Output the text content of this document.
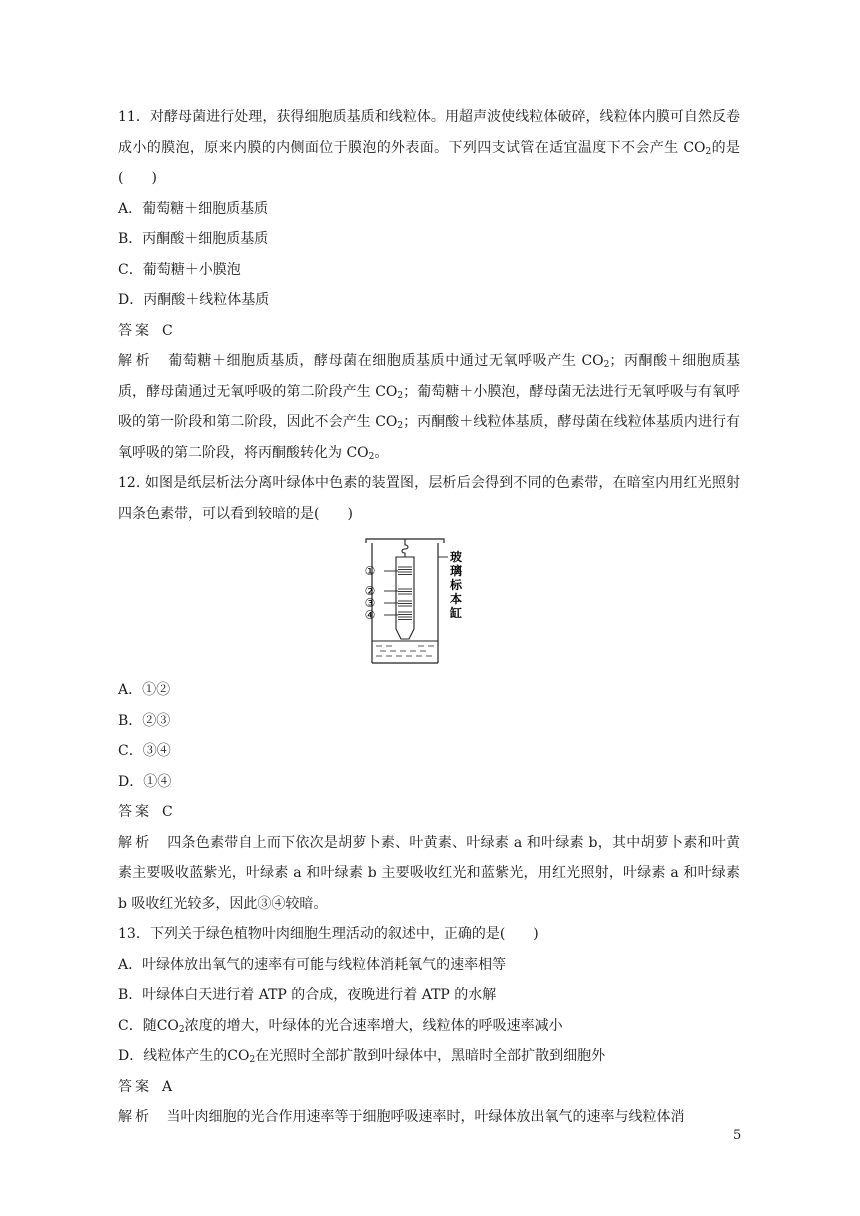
11．对酵母菌进行处理，获得细胞质基质和线粒体。用超声波使线粒体破碎，线粒体内膜可自然反卷成小的膜泡，原来内膜的内侧面位于膜泡的外表面。下列四支试管在适宜温度下不会产生 $CO_2$的是(　　)

A．葡萄糖＋细胞质基质

B．丙酮酸＋细胞质基质

C．葡萄糖＋小膜泡

D．丙酮酸＋线粒体基质

答案 C

解析 葡萄糖＋细胞质基质，酵母菌在细胞质基质中通过无氧呼吸产生 $CO_2$；丙酮酸＋细胞质基质，酵母菌通过无氧呼吸的第二阶段产生 $CO_2$；葡萄糖＋小膜泡，酵母菌无法进行无氧呼吸与有氧呼吸的第一阶段和第二阶段，因此不会产生 $CO_2$；丙酮酸＋线粒体基质，酵母菌在线粒体基质内进行有氧呼吸的第二阶段，将丙酮酸转化为 $CO_2$。

12. 如图是纸层析法分离叶绿体中色素的装置图，层析后会得到不同的色素带，在暗室内用红光照射四条色素带，可以看到较暗的是(　　)

①
②
③
④
玻
璃
标
本
缸

A．①②

B．②③

C．③④

D．①④

答案 C

解析 四条色素带自上而下依次是胡萝卜素、叶黄素、叶绿素 a 和叶绿素 b，其中胡萝卜素和叶黄素主要吸收蓝紫光，叶绿素 a 和叶绿素 b 主要吸收红光和蓝紫光，用红光照射，叶绿素 a 和叶绿素 b 吸收红光较多，因此③④较暗。

13．下列关于绿色植物叶肉细胞生理活动的叙述中，正确的是(　　)

A．叶绿体放出氧气的速率有可能与线粒体消耗氧气的速率相等

B．叶绿体白天进行着 ATP 的合成，夜晚进行着 ATP 的水解

C．随$CO_2$浓度的增大，叶绿体的光合速率增大，线粒体的呼吸速率减小

D．线粒体产生的$CO_2$在光照时全部扩散到叶绿体中，黑暗时全部扩散到细胞外

答案 A

解析 当叶肉细胞的光合作用速率等于细胞呼吸速率时，叶绿体放出氧气的速率与线粒体消

5
